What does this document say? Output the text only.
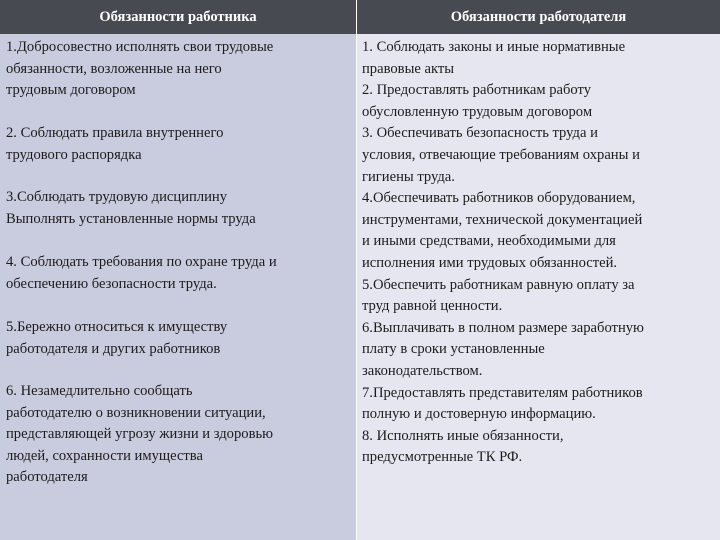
Обязанности работника	Обязанности работодателя

1.Добросовестно исполнять свои трудовые
обязанности, возложенные на него
трудовым договором

2. Соблюдать правила внутреннего
трудового распорядка

3.Соблюдать трудовую дисциплину
Выполнять установленные нормы труда

4. Соблюдать требования по охране труда и
обеспечению безопасности труда.

5.Бережно относиться к имуществу
работодателя и других работников

6. Незамедлительно сообщать
работодателю о возникновении ситуации,
представляющей угрозу жизни и здоровью
людей, сохранности имущества
работодателя

1. Соблюдать законы и иные нормативные
правовые акты

2. Предоставлять работникам работу
обусловленную трудовым договором

3. Обеспечивать безопасность труда и
условия, отвечающие требованиям охраны и
гигиены труда.

4.Обеспечивать работников оборудованием,
инструментами, технической документацией
и иными средствами, необходимыми для
исполнения ими трудовых обязанностей.

5.Обеспечить работникам равную оплату за
труд равной ценности.

6.Выплачивать в полном размере заработную
плату в сроки установленные
законодательством.

7.Предоставлять представителям работников
полную и достоверную информацию.

8. Исполнять иные обязанности,
предусмотренные ТК РФ.
